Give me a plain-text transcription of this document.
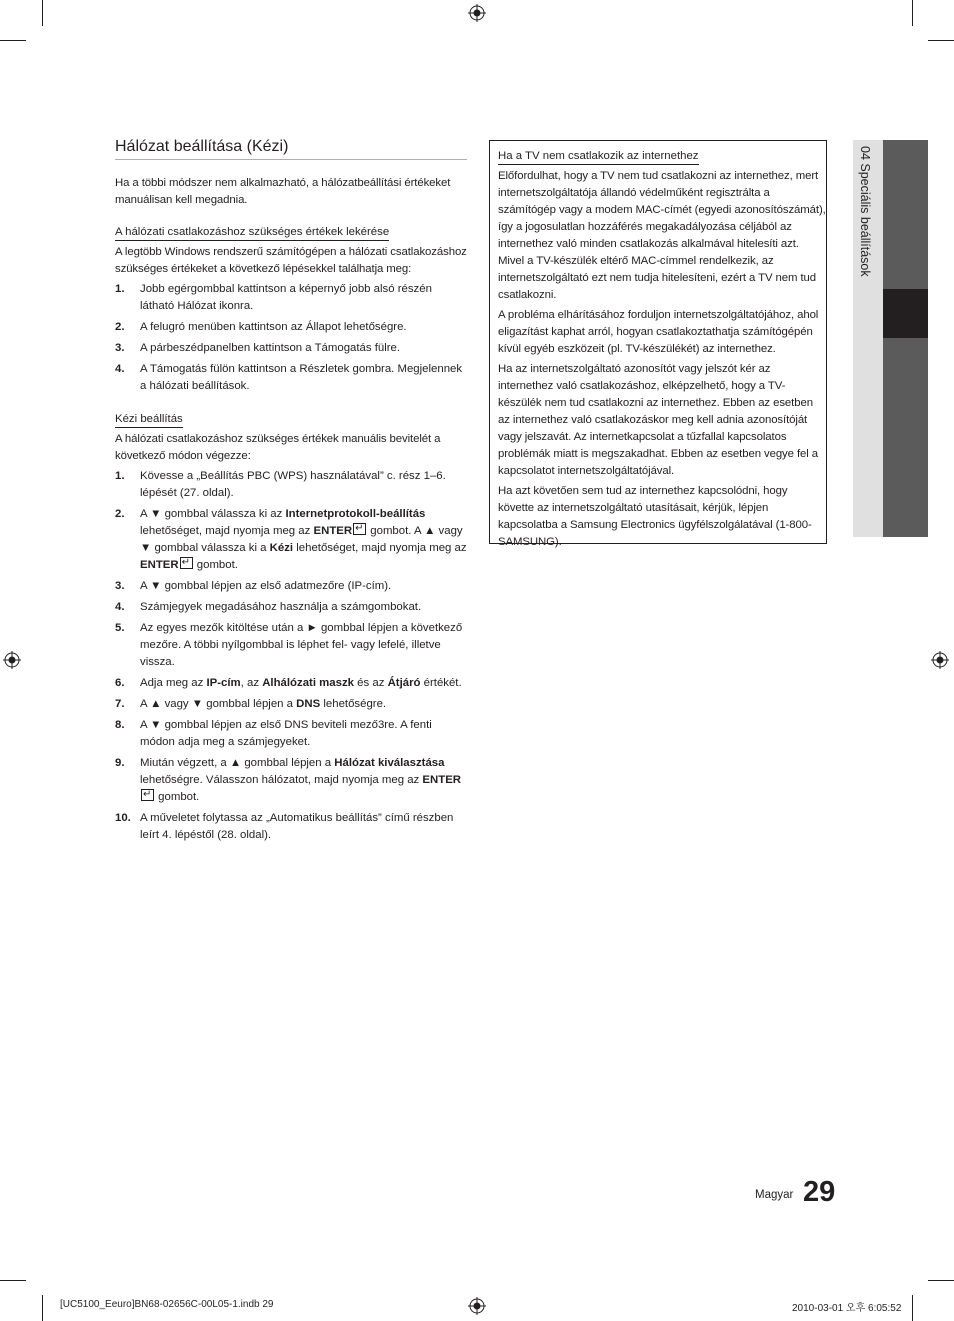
Hálózat beállítása (Kézi)

Ha a többi módszer nem alkalmazható, a hálózatbeállítási értékeket manuálisan kell megadnia.

A hálózati csatlakozáshoz szükséges értékek lekérése

A legtöbb Windows rendszerű számítógépen a hálózati csatlakozáshoz szükséges értékeket a következő lépésekkel találhatja meg:

1. Jobb egérgombbal kattintson a képernyő jobb alsó részén látható Hálózat ikonra.
2. A felugró menüben kattintson az Állapot lehetőségre.
3. A párbeszédpanelben kattintson a Támogatás fülre.
4. A Támogatás fülön kattintson a Részletek gombra. Megjelennek a hálózati beállítások.
Kézi beállítás

A hálózati csatlakozáshoz szükséges értékek manuális bevitelét a következő módon végezze:

1. Kövesse a „Beállítás PBC (WPS) használatával” c. rész 1–6. lépését (27. oldal).
2. A ▼ gombbal válassza ki az Internetprotokoll-beállítás lehetőséget, majd nyomja meg az ENTER↵ gombot. A ▲ vagy ▼ gombbal válassza ki a Kézi lehetőséget, majd nyomja meg az ENTER↵ gombot.
3. A ▼ gombbal lépjen az első adatmezőre (IP-cím).
4. Számjegyek megadásához használja a számgombokat.
5. Az egyes mezők kitöltése után a ► gombbal lépjen a következő mezőre. A többi nyílgombbal is léphet fel- vagy lefelé, illetve vissza.
6. Adja meg az IP-cím, az Alhálózati maszk és az Átjáró értékét.
7. A ▲ vagy ▼ gombbal lépjen a DNS lehetőségre.
8. A ▼ gombbal lépjen az első DNS beviteli mező3re. A fenti módon adja meg a számjegyeket.
9. Miután végzett, a ▲ gombbal lépjen a Hálózat kiválasztása lehetőségre. Válasszon hálózatot, majd nyomja meg az ENTER↵ gombot.
10. A műveletet folytassa az „Automatikus beállítás” című részben leírt 4. lépéstől (28. oldal).
Ha a TV nem csatlakozik az internethez

Előfordulhat, hogy a TV nem tud csatlakozni az internethez, mert internetszolgáltatója állandó védelműként regisztrálta a számítógép vagy a modem MAC-címét (egyedi azonosítószámát), így a jogosulatlan hozzáférés megakadályozása céljából az internethez való minden csatlakozás alkalmával hitelesíti azt. Mivel a TV-készülék eltérő MAC-címmel rendelkezik, az internetszolgáltató ezt nem tudja hitelesíteni, ezért a TV nem tud csatlakozni.

A probléma elhárításához forduljon internetszolgáltatójához, ahol eligazítást kaphat arról, hogyan csatlakoztathatja számítógépén kívül egyéb eszközeit (pl. TV-készülékét) az internethez.

Ha az internetszolgáltató azonosítót vagy jelszót kér az internethez való csatlakozáshoz, elképzelhető, hogy a TV-készülék nem tud csatlakozni az internethez. Ebben az esetben az internethez való csatlakozáskor meg kell adnia azonosítóját vagy jelszavát. Az internetkapcsolat a tűzfallal kapcsolatos problémák miatt is megszakadhat. Ebben az esetben vegye fel a kapcsolatot internetszolgáltatójával.

Ha azt követően sem tud az internethez kapcsolódni, hogy követte az internetszolgáltató utasításait, kérjük, lépjen kapcsolatba a Samsung Electronics ügyfélszolgálatával (1-800-SAMSUNG).

04 Speciális beállítások
Magyar 29
[UC5100_Eeuro]BN68-02656C-00L05-1.indb 29	2010-03-01 오후 6:05:52
